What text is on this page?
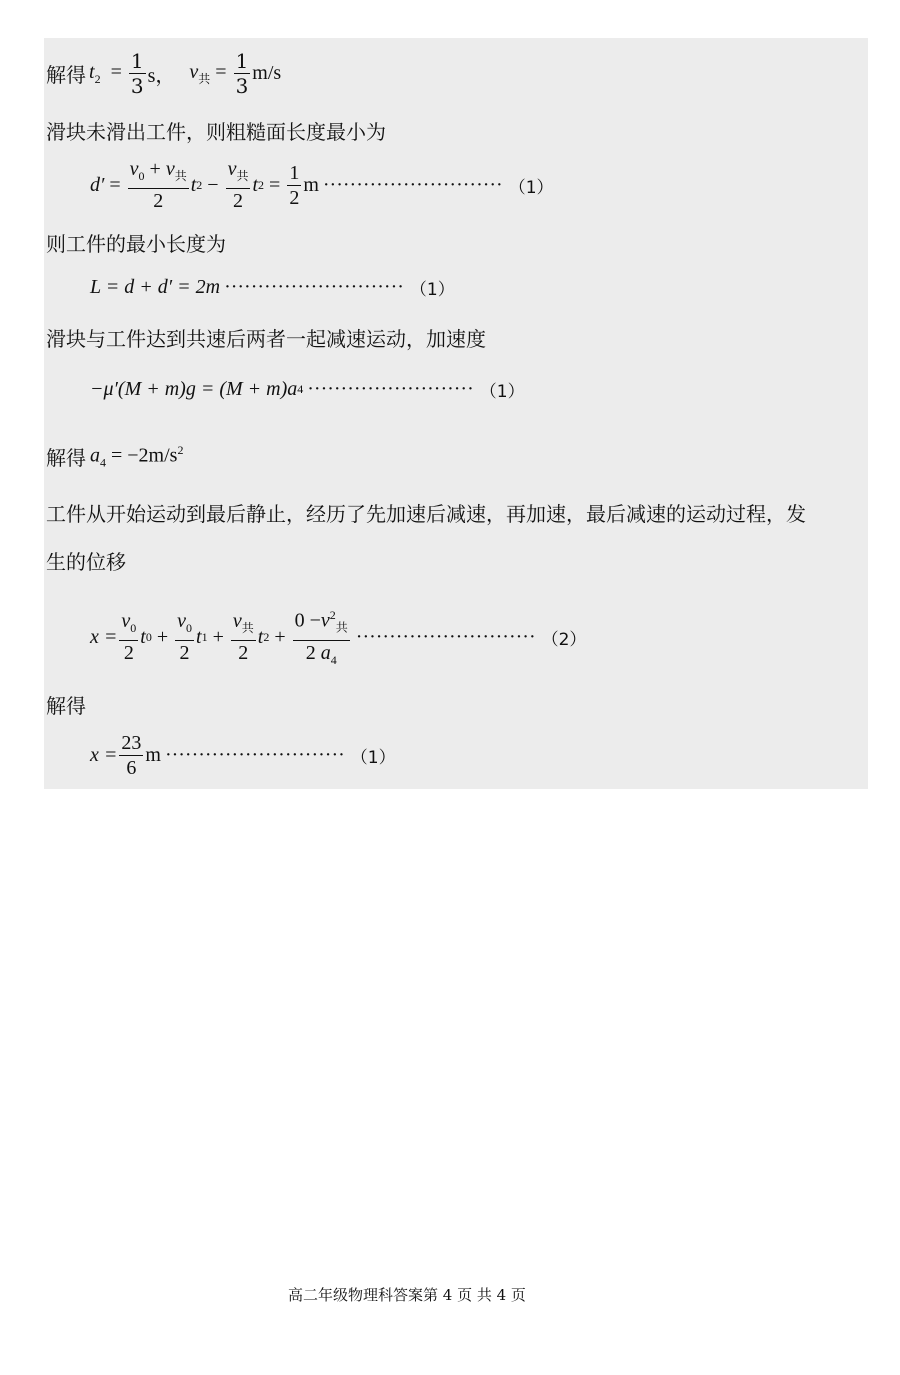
解得 $t_2 = \frac{1}{3}$ s， $v_共 = \frac{1}{3} m/s$
滑块未滑出工件，则粗糙面长度最小为
$d' = \frac{v_0 + v_共}{2}$ t $2 - \frac{v_共}{2}$ t $2 = \frac{1}{2}$ m ··························· （1）
则工件的最小长度为
L = d + d′ = 2m ··························· （1）
滑块与工件达到共速后两者一起减速运动，加速度
−μ′(M + m)g = (M + m)a 4 ························· （1）
解得 $a_4 = -2m/s^2$
工件从开始运动到最后静止，经历了先加速后减速，再加速，最后减速的运动过程，发
生的位移
$x = \frac{v_0}{2}$ t $0 + \frac{v_0}{2}$ t $1 + \frac{v_共}{2}$ t $2 + \frac{0 -v^2_共}{2 a_4}$ ··························· （2）
解得
$x = \frac{23}{6}$ m ··························· （1）
高二年级物理科答案第 4 页 共 4 页
